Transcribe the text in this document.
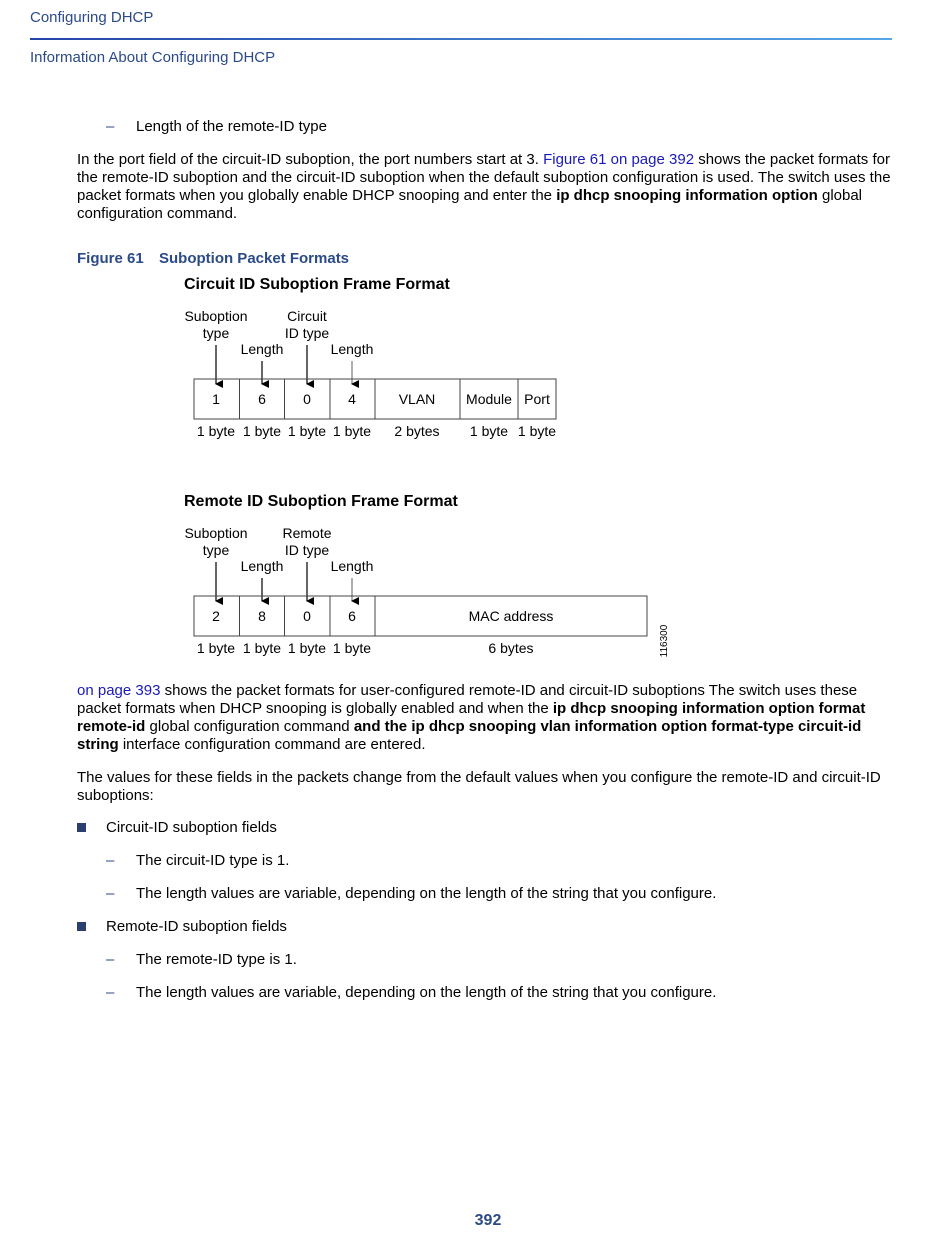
Configuring DHCP
Information About Configuring DHCP
– Length of the remote-ID type
In the port field of the circuit-ID suboption, the port numbers start at 3. Figure 61 on page 392 shows the packet formats for the remote-ID suboption and the circuit-ID suboption when the default suboption configuration is used. The switch uses the packet formats when you globally enable DHCP snooping and enter the ip dhcp snooping information option global configuration command.
Figure 61 Suboption Packet Formats
Circuit ID Suboption Frame Format
Suboption
type
Circuit
ID type
Length	Length
1	6	0	4	VLAN Module Port
1 byte 1 byte 1 byte 1 byte 2 bytes 1 byte 1 byte
Remote ID Suboption Frame Format
Suboption
type
Remote
ID type
Length	Length
2	8	0	6	MAC address
1 byte 1 byte 1 byte 1 byte	6 bytes	116300
on page 393 shows the packet formats for user-configured remote-ID and circuit-ID suboptions The switch uses these packet formats when DHCP snooping is globally enabled and when the ip dhcp snooping information option format remote-id global configuration command and the ip dhcp snooping vlan information option format-type circuit-id string interface configuration command are entered.
The values for these fields in the packets change from the default values when you configure the remote-ID and circuit-ID suboptions:
Circuit-ID suboption fields
– The circuit-ID type is 1.
– The length values are variable, depending on the length of the string that you configure.
Remote-ID suboption fields
– The remote-ID type is 1.
– The length values are variable, depending on the length of the string that you configure.
392
